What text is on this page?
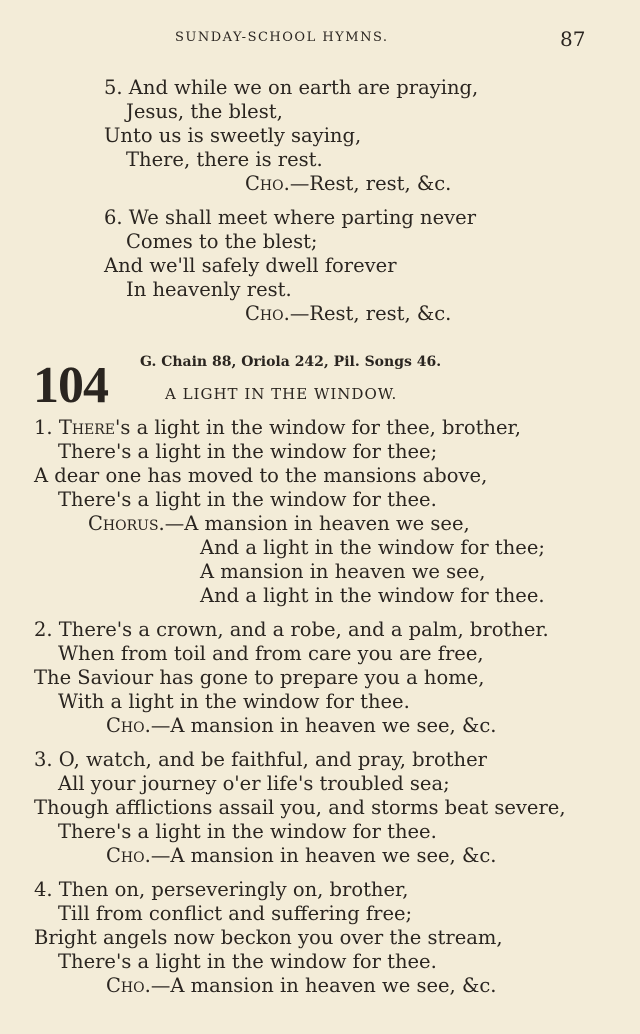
SUNDAY-SCHOOL HYMNS.	87
5. And while we on earth are praying,
Jesus, the blest,
Unto us is sweetly saying,
There, there is rest.
Cho.—Rest, rest, &c.
6. We shall meet where parting never
Comes to the blest;
And we'll safely dwell forever
In heavenly rest.
Cho.—Rest, rest, &c.
104 G. Chain 88, Oriola 242, Pil. Songs 46.
A LIGHT IN THE WINDOW.
1. There's a light in the window for thee, brother,
There's a light in the window for thee;
A dear one has moved to the mansions above,
There's a light in the window for thee.
Chorus.—A mansion in heaven we see,
And a light in the window for thee;
A mansion in heaven we see,
And a light in the window for thee.
2. There's a crown, and a robe, and a palm, brother.
When from toil and from care you are free,
The Saviour has gone to prepare you a home,
With a light in the window for thee.
Cho.—A mansion in heaven we see, &c.
3. O, watch, and be faithful, and pray, brother
All your journey o'er life's troubled sea;
Though afflictions assail you, and storms beat severe,
There's a light in the window for thee.
Cho.—A mansion in heaven we see, &c.
4. Then on, perseveringly on, brother,
Till from conflict and suffering free;
Bright angels now beckon you over the stream,
There's a light in the window for thee.
Cho.—A mansion in heaven we see, &c.
